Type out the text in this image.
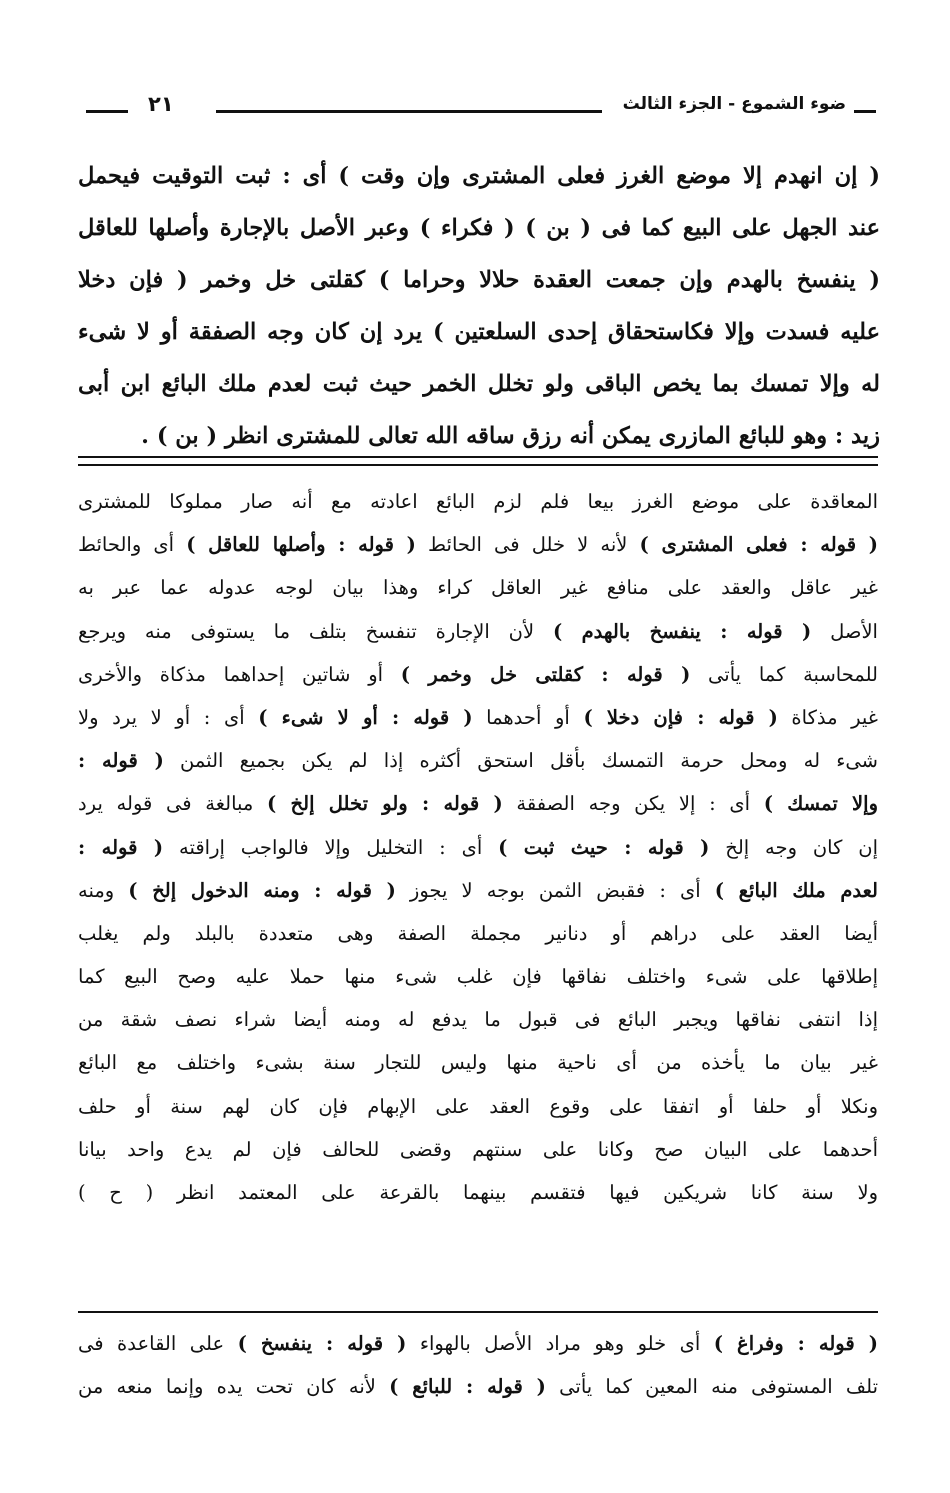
ضوء الشموع - الجزء الثالث
٢١
( إن انهدم إلا موضع الغرز فعلى المشترى وإن وقت ) أى : ثبت التوقيت فيحمل
عند الجهل على البيع كما فى ( بن ) ( فكراء ) وعبر الأصل بالإجارة وأصلها للعاقل
( ينفسخ بالهدم وإن جمعت العقدة حلالا وحراما ) كقلتى خل وخمر ( فإن دخلا
عليه فسدت وإلا فكاستحقاق إحدى السلعتين ) يرد إن كان وجه الصفقة أو لا شىء
له وإلا تمسك بما يخص الباقى ولو تخلل الخمر حيث ثبت لعدم ملك البائع ابن أبى
زيد : وهو للبائع المازرى يمكن أنه رزق ساقه الله تعالى للمشترى انظر ( بن ) .
المعاقدة على موضع الغرز بيعا فلم لزم البائع اعادته مع أنه صار مملوكا للمشترى
( قوله : فعلى المشترى ) لأنه لا خلل فى الحائط ( قوله : وأصلها للعاقل ) أى والحائط
غير عاقل والعقد على منافع غير العاقل كراء وهذا بيان لوجه عدوله عما عبر به
الأصل ( قوله : ينفسخ بالهدم ) لأن الإجارة تنفسخ بتلف ما يستوفى منه ويرجع
للمحاسبة كما يأتى ( قوله : كقلتى خل وخمر ) أو شاتين إحداهما مذكاة والأخرى
غير مذكاة ( قوله : فإن دخلا ) أو أحدهما ( قوله : أو لا شىء ) أى : أو لا يرد ولا
شىء له ومحل حرمة التمسك بأقل استحق أكثره إذا لم يكن بجميع الثمن ( قوله :
وإلا تمسك ) أى : إلا يكن وجه الصفقة ( قوله : ولو تخلل إلخ ) مبالغة فى قوله يرد
إن كان وجه إلخ ( قوله : حيث ثبت ) أى : التخليل وإلا فالواجب إراقته ( قوله :
لعدم ملك البائع ) أى : فقبض الثمن بوجه لا يجوز ( قوله : ومنه الدخول إلخ ) ومنه
أيضا العقد على دراهم أو دنانير مجملة الصفة وهى متعددة بالبلد ولم يغلب
إطلاقها على شىء واختلف نفاقها فإن غلب شىء منها حملا عليه وصح البيع كما
إذا انتفى نفاقها ويجبر البائع فى قبول ما يدفع له ومنه أيضا شراء نصف شقة من
غير بيان ما يأخذه من أى ناحية منها وليس للتجار سنة بشىء واختلف مع البائع
ونكلا أو حلفا أو اتفقا على وقوع العقد على الإبهام فإن كان لهم سنة أو حلف
أحدهما على البيان صح وكانا على سنتهم وقضى للحالف فإن لم يدع واحد بيانا
ولا سنة كانا شريكين فيها فتقسم بينهما بالقرعة على المعتمد انظر ( ح )
( قوله : وفراغ ) أى خلو وهو مراد الأصل بالهواء ( قوله : ينفسخ ) على القاعدة فى
تلف المستوفى منه المعين كما يأتى ( قوله : للبائع ) لأنه كان تحت يده وإنما منعه من
